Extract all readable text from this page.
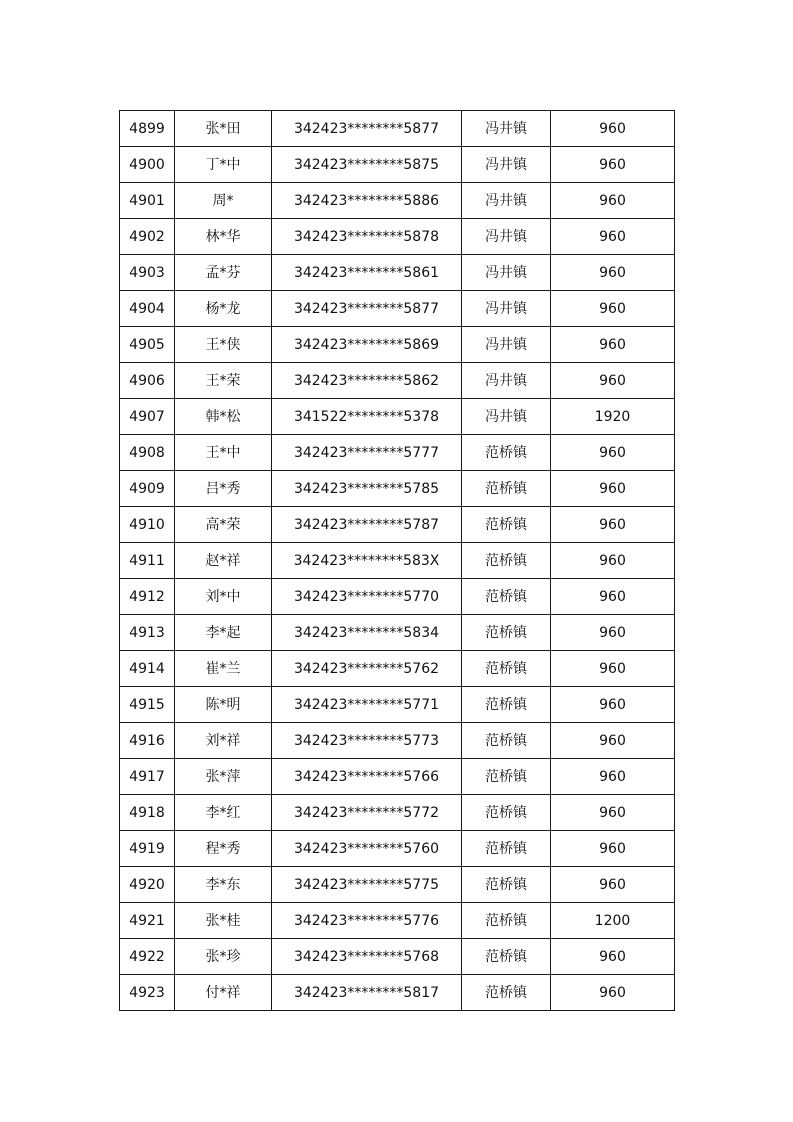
4899	张*田	342423********5877	冯井镇	960
4900	丁*中	342423********5875	冯井镇	960
4901	周*	342423********5886	冯井镇	960
4902	林*华	342423********5878	冯井镇	960
4903	孟*芬	342423********5861	冯井镇	960
4904	杨*龙	342423********5877	冯井镇	960
4905	王*侠	342423********5869	冯井镇	960
4906	王*荣	342423********5862	冯井镇	960
4907	韩*松	341522********5378	冯井镇	1920
4908	王*中	342423********5777	范桥镇	960
4909	吕*秀	342423********5785	范桥镇	960
4910	高*荣	342423********5787	范桥镇	960
4911	赵*祥	342423********583X	范桥镇	960
4912	刘*中	342423********5770	范桥镇	960
4913	李*起	342423********5834	范桥镇	960
4914	崔*兰	342423********5762	范桥镇	960
4915	陈*明	342423********5771	范桥镇	960
4916	刘*祥	342423********5773	范桥镇	960
4917	张*萍	342423********5766	范桥镇	960
4918	李*红	342423********5772	范桥镇	960
4919	程*秀	342423********5760	范桥镇	960
4920	李*东	342423********5775	范桥镇	960
4921	张*桂	342423********5776	范桥镇	1200
4922	张*珍	342423********5768	范桥镇	960
4923	付*祥	342423********5817	范桥镇	960
